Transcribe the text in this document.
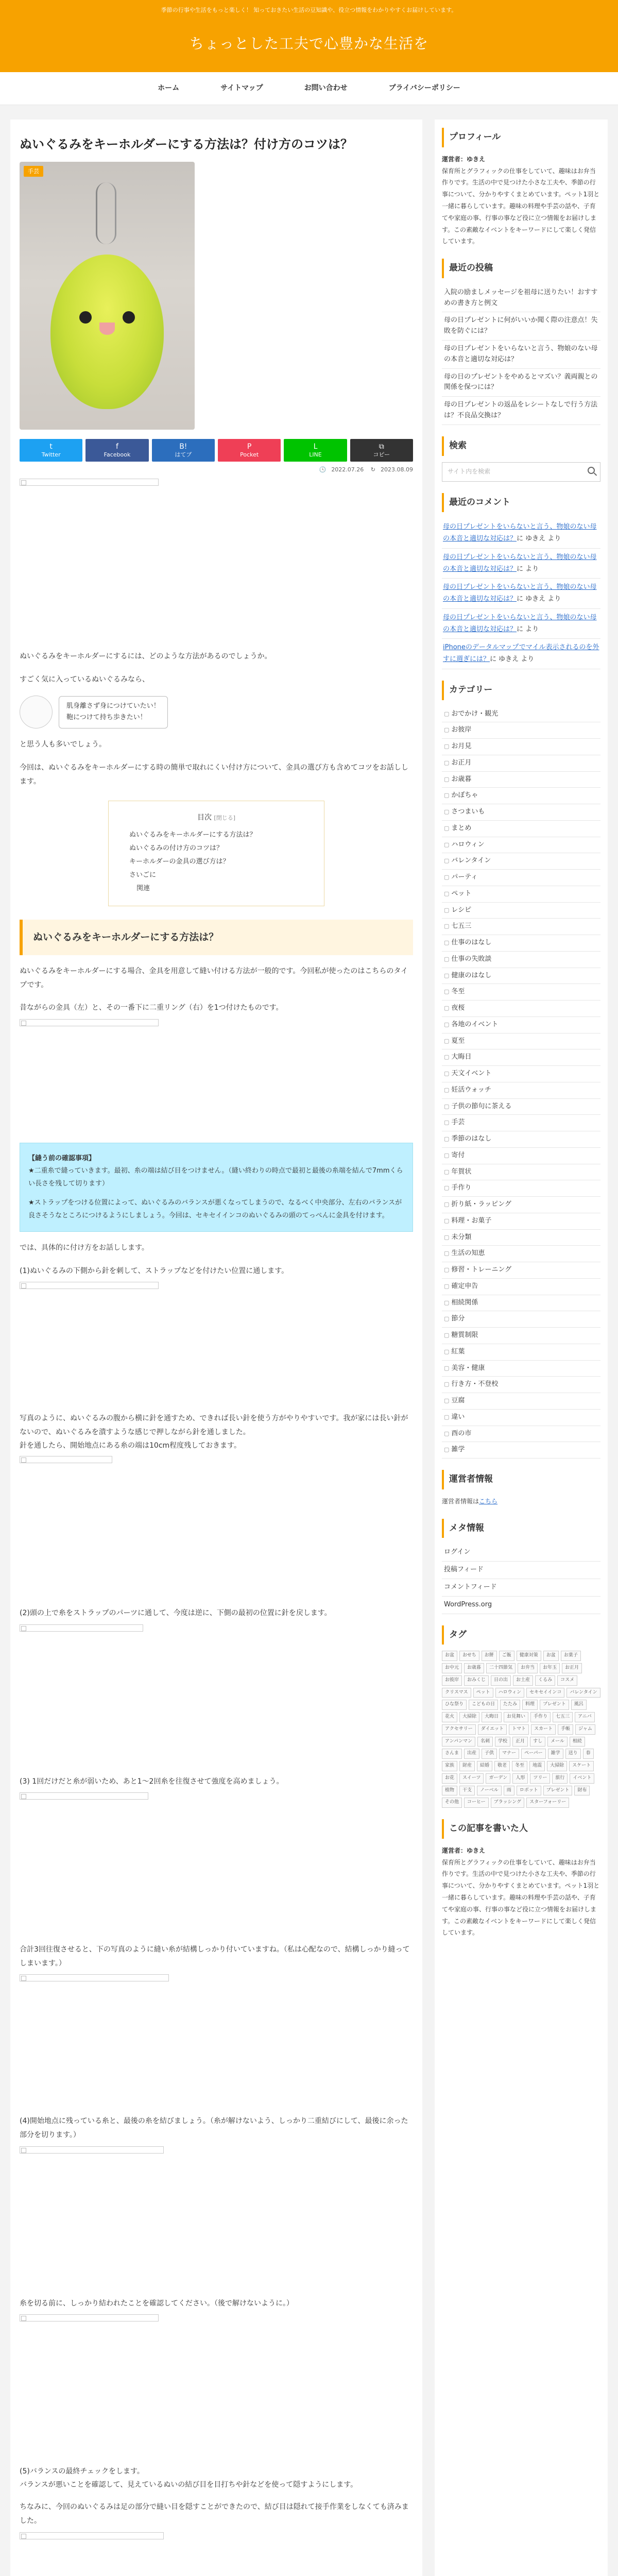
季節の行事や生活をもっと楽しく！ 知っておきたい生活の豆知識や、役立つ情報をわかりやすくお届けしています。
ちょっとした工夫で心豊かな生活を
ホーム	サイトマップ	お問い合わせ	プライバシーポリシー
ぬいぐるみをキーホルダーにする方法は？付け方のコツは？
手芸
t
Twitter
f
Facebook
B!
はてブ
P
Pocket
L
LINE
⧉
コピー
🕓 2022.07.26 ↻ 2023.08.09

ぬいぐるみをキーホルダーにするには、どのような方法があるのでしょうか。

すごく気に入っているぬいぐるみなら、

肌身離さず身につけていたい！
鞄につけて持ち歩きたい！

と思う人も多いでしょう。

今回は、ぬいぐるみをキーホルダーにする時の簡単で取れにくい付け方について、金具の選び方も含めてコツをお話しします。

目次 [閉じる]
ぬいぐるみをキーホルダーにする方法は？
ぬいぐるみの付け方のコツは？
キーホルダーの金具の選び方は？
さいごに
関連
ぬいぐるみをキーホルダーにする方法は？

ぬいぐるみをキーホルダーにする場合、金具を用意して縫い付ける方法が一般的です。今回私が使ったのはこちらのタイプです。

昔ながらの金具（左）と、その一番下に二重リング（右）を1つ付けたものです。

【縫う前の確認事項】

★二重糸で縫っていきます。最初、糸の端は結び目をつけません。（縫い終わりの時点で最初と最後の糸端を結んで7mmくらい長さを残して切ります）

★ストラップをつける位置によって、ぬいぐるみのバランスが悪くなってしまうので、なるべく中央部分、左右のバランスが良さそうなところにつけるようにしましょう。今回は、セキセイインコのぬいぐるみの頭のてっぺんに金具を付けます。

では、具体的に付け方をお話しします。

(1)ぬいぐるみの下側から針を刺して、ストラップなどを付けたい位置に通します。

写真のように、ぬいぐるみの腹から横に針を通すため、できれば長い針を使う方がやりやすいです。我が家には長い針がないので、ぬいぐるみを潰すような感じで押しながら針を通しました。

針を通したら、開始地点にある糸の端は10cm程度残しておきます。

(2)頭の上で糸をストラップのパーツに通して、今度は逆に、下側の最初の位置に針を戻します。

(3) 1回だけだと糸が弱いため、あと1〜2回糸を往復させて強度を高めましょう。

合計3回往復させると、下の写真のように縫い糸が結構しっかり付いていますね。（私は心配なので、結構しっかり縫ってしまいます。）

(4)開始地点に残っている糸と、最後の糸を結びましょう。（糸が解けないよう、しっかり二重結びにして、最後に余った部分を切ります。）

糸を切る前に、しっかり結われたことを確認してください。（後で解けないように。）

(5)バランスの最終チェックをします。

バランスが悪いことを確認して、見えているぬいの結び目を目打ちや針などを使って隠すようにします。

ちなみに、今回のぬいぐるみは足の部分で縫い目を隠すことができたので、結び目は隠れて接手作業をしなくても済みました。

プロフィール

運営者：ゆきえ

保育所とグラフィックの仕事をしていて、趣味はお弁当作りです。生活の中で見つけた小さな工夫や、季節の行事について、分かりやすくまとめています。ペット1羽と一緒に暮らしています。趣味の料理や手芸の話や、子育てや家庭の事、行事の事など役に立つ情報をお届けします。この素敵なイベントをキーワードにして楽しく発信しています。

最近の投稿
入院の励ましメッセージを祖母に送りたい！おすすめの書き方と例文
母の日プレゼントに何がいいか聞く際の注意点！失敗を防ぐには？
母の日プレゼントをいらないと言う、物娘のない母の本音と適切な対応は？
母の日のプレゼントをやめるとマズい？義両親との関係を保つには？
母の日プレゼントの返品をレシートなしで行う方法は？不良品交換は？
検索
サイト内を検索
最近のコメント
母の日プレゼントをいらないと言う、物娘のない母の本音と適切な対応は？に ゆきえ より
母の日プレゼントをいらないと言う、物娘のない母の本音と適切な対応は？に より
母の日プレゼントをいらないと言う、物娘のない母の本音と適切な対応は？に ゆきえ より
母の日プレゼントをいらないと言う、物娘のない母の本音と適切な対応は？に より
iPhoneのデータルマップでマイル表示されるのを外すに週ぎには？に ゆきえ より
カテゴリー
▢ おでかけ・観光
▢ お彼岸
▢ お月見
▢ お正月
▢ お歳暮
▢ かぼちゃ
▢ さつまいも
▢ まとめ
▢ ハロウィン
▢ バレンタイン
▢ パーティ
▢ ペット
▢ レシピ
▢ 七五三
▢ 仕事のはなし
▢ 仕事の失敗談
▢ 健康のはなし
▢ 冬至
▢ 夜桜
▢ 各地のイベント
▢ 夏至
▢ 大晦日
▢ 天文イベント
▢ 妊活ウォッチ
▢ 子供の節句に茶える
▢ 手芸
▢ 季節のはなし
▢ 寄付
▢ 年賀状
▢ 手作り
▢ 折り紙・ラッピング
▢ 料理・お菓子
▢ 未分類
▢ 生活の知恵
▢ 修習・トレーニング
▢ 確定申告
▢ 相続関係
▢ 節分
▢ 糖質制限
▢ 紅葉
▢ 美容・健康
▢ 行き方・不登校
▢ 豆腐
▢ 違い
▢ 酉の市
▢ 雑学
運営者情報

運営者情報はこちら

メタ情報
ログイン
投稿フィード
コメントフィード
WordPress.org
タグ
お盆	おせち	お餅	ご飯	健康対策	お盆	お菓子
お中元	お歳暮	二十四節気	お弁当	お年玉	お正月
お彼岸	おみくじ	日の出	お土産	くるみ	コスメ
クリスマス	ペット	ハロウィン	セキセイインコ	バレンタイン
ひな祭り	こどもの日	たたみ	料理	プレゼント	風呂
花火	大掃除	大晦日	お見舞い	手作り	七五三	アニバ
アクセサリー	ダイエット	トマト	スカート	手帳	ジャム
アンパンマン	名刺	学校	正月	すし	メール	相続
さんま	出産	子供	マナー	ペーパー	雑学	送り	春
家族	財産	結婚	敬老	冬至	地震	大掃除	スケート
お花	スイーツ	ガーデン	人形	ツリー	旅行	イベント
植物	干支	ノーベル	雨	ロボット	プレゼント	財布
その他	コーヒー	ブラッシング	スターフォーリー
この記事を書いた人

運営者：ゆきえ

保育所とグラフィックの仕事をしていて、趣味はお弁当作りです。生活の中で見つけた小さな工夫や、季節の行事について、分かりやすくまとめています。ペット1羽と一緒に暮らしています。趣味の料理や手芸の話や、子育てや家庭の事、行事の事など役に立つ情報をお届けします。この素敵なイベントをキーワードにして楽しく発信しています。
